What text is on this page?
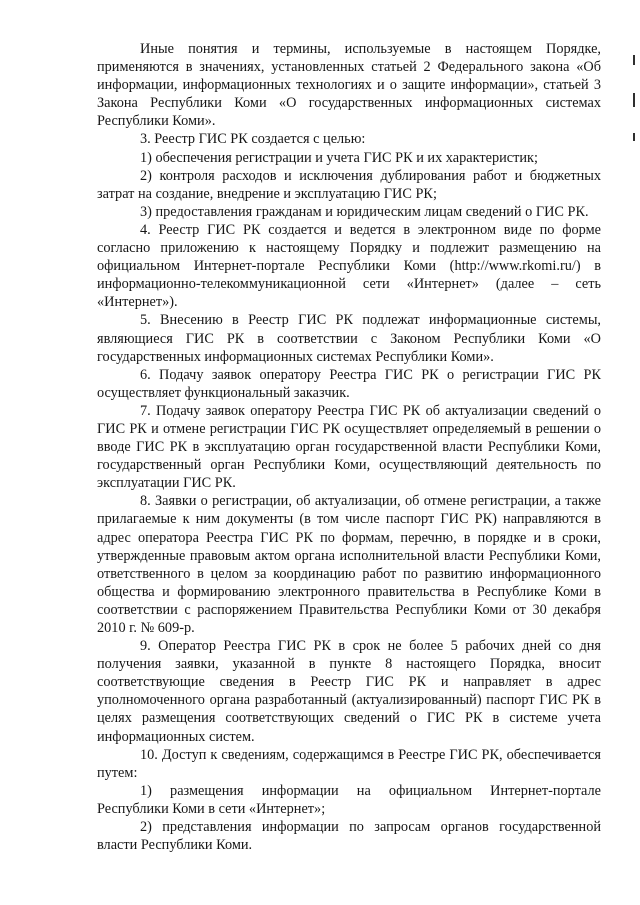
Иные понятия и термины, используемые в настоящем Порядке, применяются в значениях, установленных статьей 2 Федерального закона «Об информации, информационных технологиях и о защите информации», статьей 3 Закона Республики Коми «О государственных информационных системах Республики Коми».

3. Реестр ГИС РК создается с целью:

1) обеспечения регистрации и учета ГИС РК и их характеристик;

2) контроля расходов и исключения дублирования работ и бюджетных затрат на создание, внедрение и эксплуатацию ГИС РК;

3) предоставления гражданам и юридическим лицам сведений о ГИС РК.

4. Реестр ГИС РК создается и ведется в электронном виде по форме согласно приложению к настоящему Порядку и подлежит размещению на официальном Интернет-портале Республики Коми (http://www.rkomi.ru/) в информационно-телекоммуникационной сети «Интернет» (далее – сеть «Интернет»).

5. Внесению в Реестр ГИС РК подлежат информационные системы, являющиеся ГИС РК в соответствии с Законом Республики Коми «О государственных информационных системах Республики Коми».

6. Подачу заявок оператору Реестра ГИС РК о регистрации ГИС РК осуществляет функциональный заказчик.

7. Подачу заявок оператору Реестра ГИС РК об актуализации сведений о ГИС РК и отмене регистрации ГИС РК осуществляет определяемый в решении о вводе ГИС РК в эксплуатацию орган государственной власти Республики Коми, государственный орган Республики Коми, осуществляющий деятельность по эксплуатации ГИС РК.

8. Заявки о регистрации, об актуализации, об отмене регистрации, а также прилагаемые к ним документы (в том числе паспорт ГИС РК) направляются в адрес оператора Реестра ГИС РК по формам, перечню, в порядке и в сроки, утвержденные правовым актом органа исполнительной власти Республики Коми, ответственного в целом за координацию работ по развитию информационного общества и формированию электронного правительства в Республике Коми в соответствии с распоряжением Правительства Республики Коми от 30 декабря 2010 г. № 609-р.

9. Оператор Реестра ГИС РК в срок не более 5 рабочих дней со дня получения заявки, указанной в пункте 8 настоящего Порядка, вносит соответствующие сведения в Реестр ГИС РК и направляет в адрес уполномоченного органа разработанный (актуализированный) паспорт ГИС РК в целях размещения соответствующих сведений о ГИС РК в системе учета информационных систем.

10. Доступ к сведениям, содержащимся в Реестре ГИС РК, обеспечивается путем:

1) размещения информации на официальном Интернет-портале Республики Коми в сети «Интернет»;

2) представления информации по запросам органов государственной власти Республики Коми.
